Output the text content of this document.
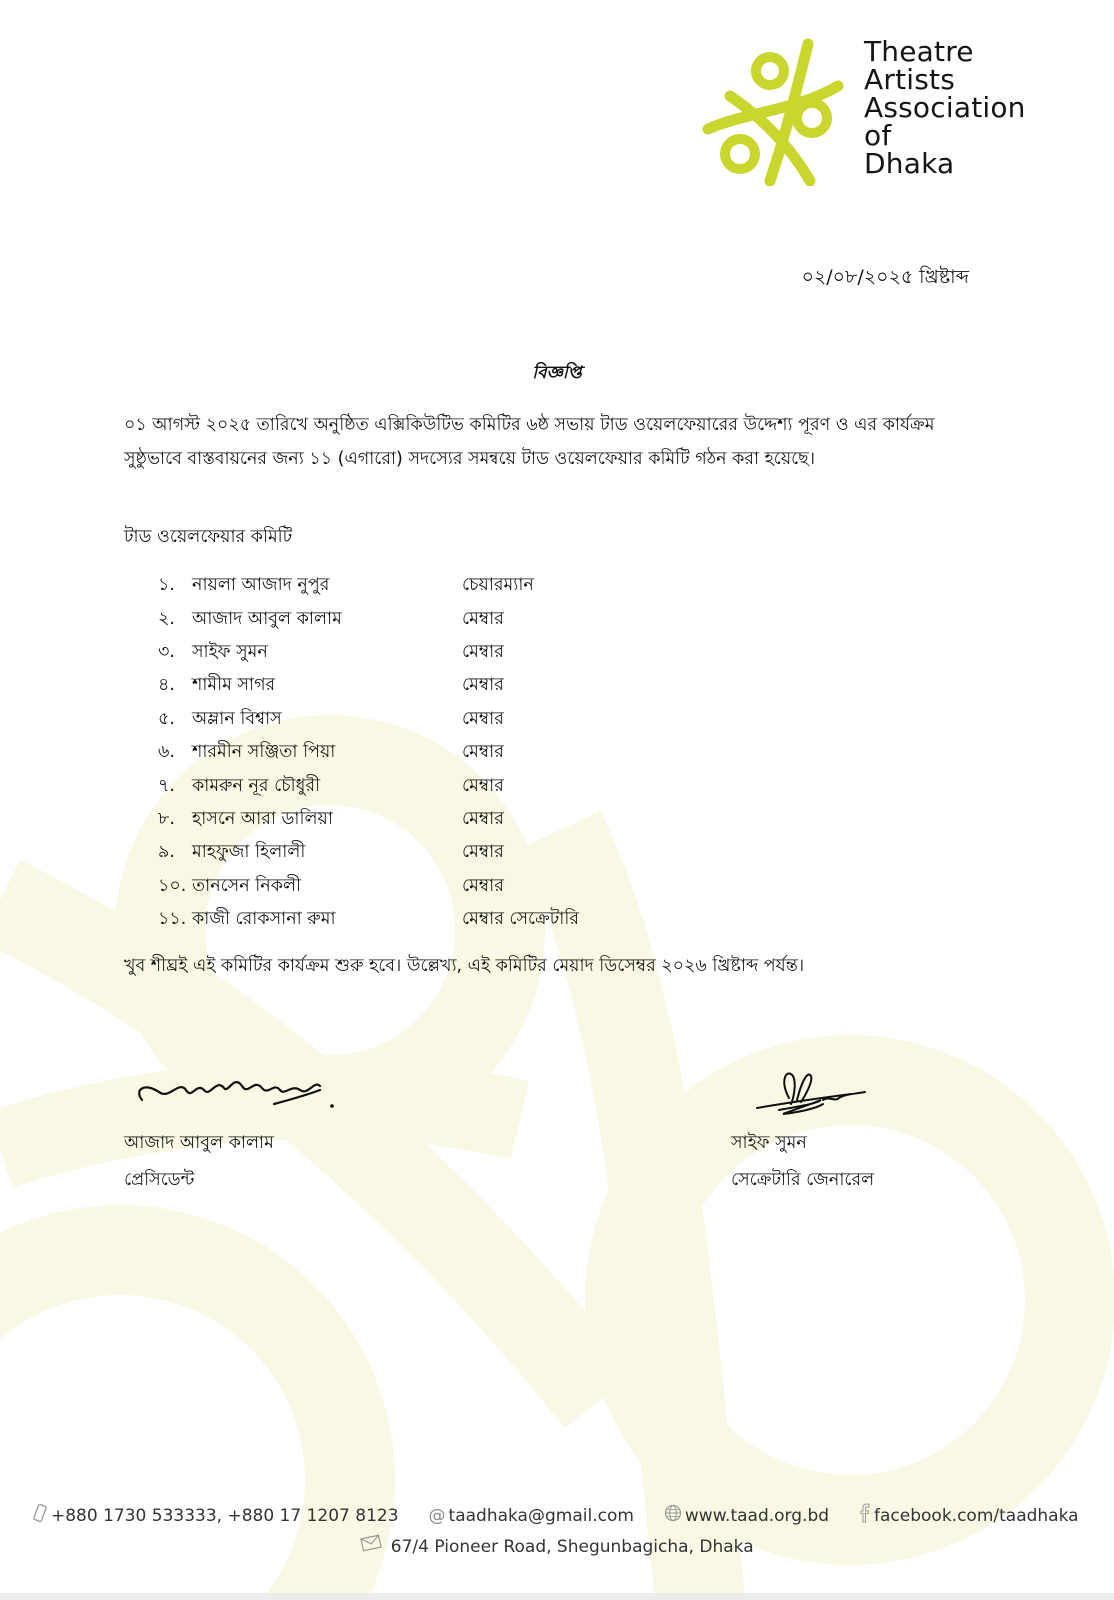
Theatre
Artists
Association
of
Dhaka
০২/০৮/২০২৫ খ্রিষ্টাব্দ
বিজ্ঞপ্তি
০১ আগস্ট ২০২৫ তারিখে অনুষ্ঠিত এক্সিকিউটিভ কমিটির ৬ষ্ঠ সভায় টাড ওয়েলফেয়ারের উদ্দেশ্য পূরণ ও এর কার্যক্রম সুষ্ঠুভাবে বাস্তবায়নের জন্য ১১ (এগারো) সদস্যের সমন্বয়ে টাড ওয়েলফেয়ার কমিটি গঠন করা হয়েছে।
টাড ওয়েলফেয়ার কমিটি
১. নায়লা আজাদ নুপুর	চেয়ারম্যান
২. আজাদ আবুল কালাম	মেম্বার
৩. সাইফ সুমন	মেম্বার
৪. শামীম সাগর	মেম্বার
৫. অম্লান বিশ্বাস	মেম্বার
৬. শারমীন সঞ্জিতা পিয়া	মেম্বার
৭. কামরুন নূর চৌধুরী	মেম্বার
৮. হাসনে আরা ডালিয়া	মেম্বার
৯. মাহফুজা হিলালী	মেম্বার
১০. তানসেন নিকলী	মেম্বার
১১. কাজী রোকসানা রুমা	মেম্বার সেক্রেটারি
খুব শীঘ্রই এই কমিটির কার্যক্রম শুরু হবে। উল্লেখ্য, এই কমিটির মেয়াদ ডিসেম্বর ২০২৬ খ্রিষ্টাব্দ পর্যন্ত।
আজাদ আবুল কালাম
প্রেসিডেন্ট
সাইফ সুমন
সেক্রেটারি জেনারেল
+880 1730 533333, +880 17 1207 8123 @ taadhaka@gmail.com	www.taad.org.bd	facebook.com/taadhaka
67/4 Pioneer Road, Shegunbagicha, Dhaka
